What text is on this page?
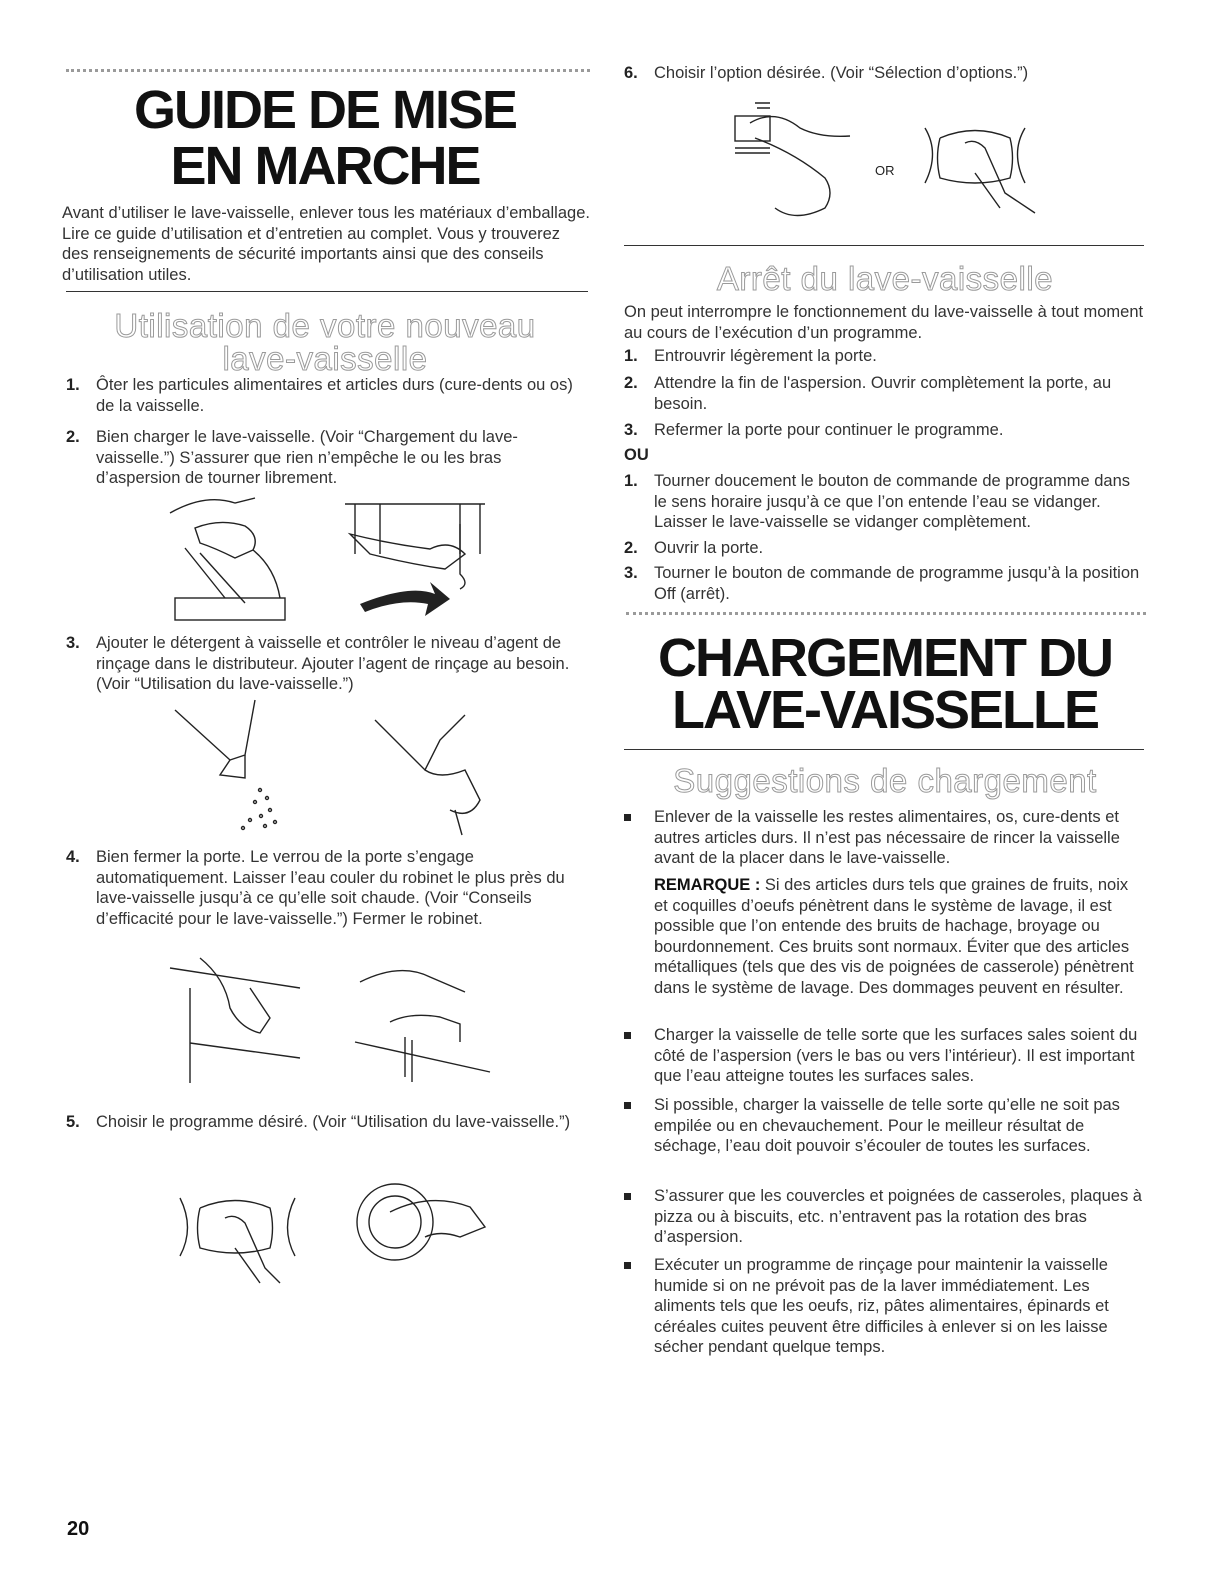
GUIDE DE MISE
EN MARCHE
Avant d’utiliser le lave-vaisselle, enlever tous les matériaux d’emballage. Lire ce guide d’utilisation et d’entretien au complet. Vous y trouverez des renseignements de sécurité importants ainsi que des conseils d’utilisation utiles.
Utilisation de votre nouveau
lave-vaisselle
1. Ôter les particules alimentaires et articles durs (cure-dents ou os) de la vaisselle.
2. Bien charger le lave-vaisselle. (Voir “Chargement du lave-vaisselle.”) S’assurer que rien n’empêche le ou les bras d’aspersion de tourner librement.
3. Ajouter le détergent à vaisselle et contrôler le niveau d’agent de rinçage dans le distributeur. Ajouter l’agent de rinçage au besoin. (Voir “Utilisation du lave-vaisselle.”)
4. Bien fermer la porte. Le verrou de la porte s’engage automatiquement. Laisser l’eau couler du robinet le plus près du lave-vaisselle jusqu’à ce qu’elle soit chaude. (Voir “Conseils d’efficacité pour le lave-vaisselle.”) Fermer le robinet.
5. Choisir le programme désiré. (Voir “Utilisation du lave-vaisselle.”)
20
6. Choisir l’option désirée. (Voir “Sélection d’options.”)
OR
Arrêt du lave-vaisselle
On peut interrompre le fonctionnement du lave-vaisselle à tout moment au cours de l’exécution d’un programme.
1. Entrouvrir légèrement la porte.
2. Attendre la fin de l'aspersion. Ouvrir complètement la porte, au besoin.
3. Refermer la porte pour continuer le programme.
OU
1. Tourner doucement le bouton de commande de programme dans le sens horaire jusqu’à ce que l’on entende l’eau se vidanger. Laisser le lave-vaisselle se vidanger complètement.
2. Ouvrir la porte.
3. Tourner le bouton de commande de programme jusqu’à la position Off (arrêt).
CHARGEMENT DU
LAVE-VAISSELLE
Suggestions de chargement
Enlever de la vaisselle les restes alimentaires, os, cure-dents et autres articles durs. Il n’est pas nécessaire de rincer la vaisselle avant de la placer dans le lave-vaisselle.
REMARQUE : Si des articles durs tels que graines de fruits, noix et coquilles d’oeufs pénètrent dans le système de lavage, il est possible que l’on entende des bruits de hachage, broyage ou bourdonnement. Ces bruits sont normaux. Éviter que des articles métalliques (tels que des vis de poignées de casserole) pénètrent dans le système de lavage. Des dommages peuvent en résulter.
Charger la vaisselle de telle sorte que les surfaces sales soient du côté de l’aspersion (vers le bas ou vers l’intérieur). Il est important que l’eau atteigne toutes les surfaces sales.
Si possible, charger la vaisselle de telle sorte qu’elle ne soit pas empilée ou en chevauchement. Pour le meilleur résultat de séchage, l’eau doit pouvoir s’écouler de toutes les surfaces.
S’assurer que les couvercles et poignées de casseroles, plaques à pizza ou à biscuits, etc. n’entravent pas la rotation des bras d’aspersion.
Exécuter un programme de rinçage pour maintenir la vaisselle humide si on ne prévoit pas de la laver immédiatement. Les aliments tels que les oeufs, riz, pâtes alimentaires, épinards et céréales cuites peuvent être difficiles à enlever si on les laisse sécher pendant quelque temps.
